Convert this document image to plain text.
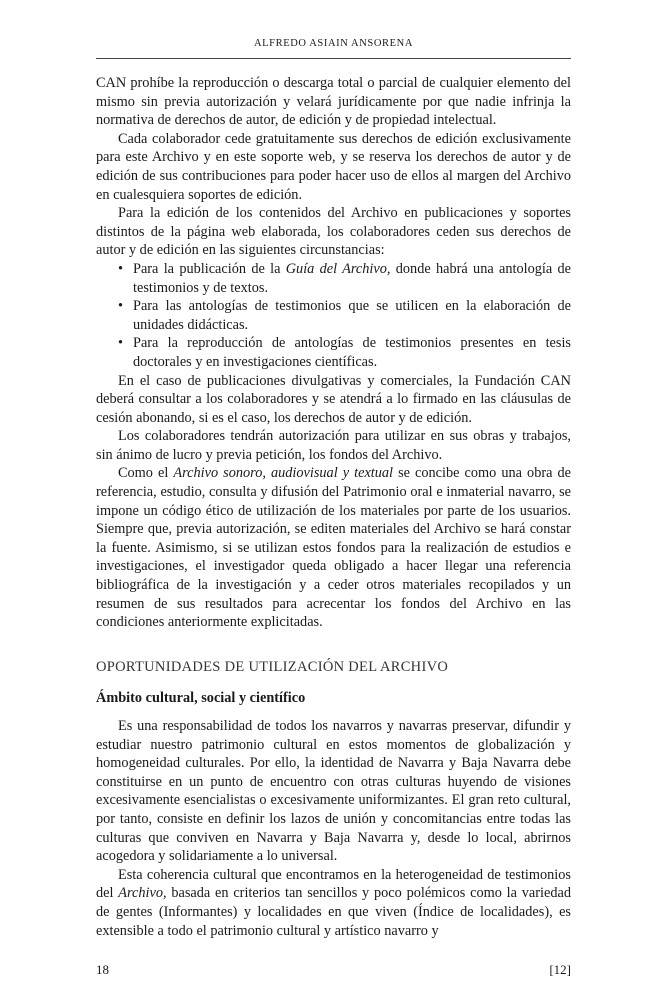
ALFREDO ASIAIN ANSORENA

CAN prohíbe la reproducción o descarga total o parcial de cualquier elemento del mismo sin previa autorización y velará jurídicamente por que nadie infrinja la normativa de derechos de autor, de edición y de propiedad intelectual.

Cada colaborador cede gratuitamente sus derechos de edición exclusivamente para este Archivo y en este soporte web, y se reserva los derechos de autor y de edición de sus contribuciones para poder hacer uso de ellos al margen del Archivo en cualesquiera soportes de edición.

Para la edición de los contenidos del Archivo en publicaciones y soportes distintos de la página web elaborada, los colaboradores ceden sus derechos de autor y de edición en las siguientes circunstancias:

• Para la publicación de la Guía del Archivo, donde habrá una antología de testimonios y de textos.
• Para las antologías de testimonios que se utilicen en la elaboración de unidades didácticas.
• Para la reproducción de antologías de testimonios presentes en tesis doctorales y en investigaciones científicas.

En el caso de publicaciones divulgativas y comerciales, la Fundación CAN deberá consultar a los colaboradores y se atendrá a lo firmado en las cláusulas de cesión abonando, si es el caso, los derechos de autor y de edición.

Los colaboradores tendrán autorización para utilizar en sus obras y trabajos, sin ánimo de lucro y previa petición, los fondos del Archivo.

Como el Archivo sonoro, audiovisual y textual se concibe como una obra de referencia, estudio, consulta y difusión del Patrimonio oral e inmaterial navarro, se impone un código ético de utilización de los materiales por parte de los usuarios. Siempre que, previa autorización, se editen materiales del Archivo se hará constar la fuente. Asimismo, si se utilizan estos fondos para la realización de estudios e investigaciones, el investigador queda obligado a hacer llegar una referencia bibliográfica de la investigación y a ceder otros materiales recopilados y un resumen de sus resultados para acrecentar los fondos del Archivo en las condiciones anteriormente explicitadas.

OPORTUNIDADES DE UTILIZACIÓN DEL ARCHIVO
Ámbito cultural, social y científico

Es una responsabilidad de todos los navarros y navarras preservar, difundir y estudiar nuestro patrimonio cultural en estos momentos de globalización y homogeneidad culturales. Por ello, la identidad de Navarra y Baja Navarra debe constituirse en un punto de encuentro con otras culturas huyendo de visiones excesivamente esencialistas o excesivamente uniformizantes. El gran reto cultural, por tanto, consiste en definir los lazos de unión y concomitancias entre todas las culturas que conviven en Navarra y Baja Navarra y, desde lo local, abrirnos acogedora y solidariamente a lo universal.

Esta coherencia cultural que encontramos en la heterogeneidad de testimonios del Archivo, basada en criterios tan sencillos y poco polémicos como la variedad de gentes (Informantes) y localidades en que viven (Índice de localidades), es extensible a todo el patrimonio cultural y artístico navarro y

18	[12]
